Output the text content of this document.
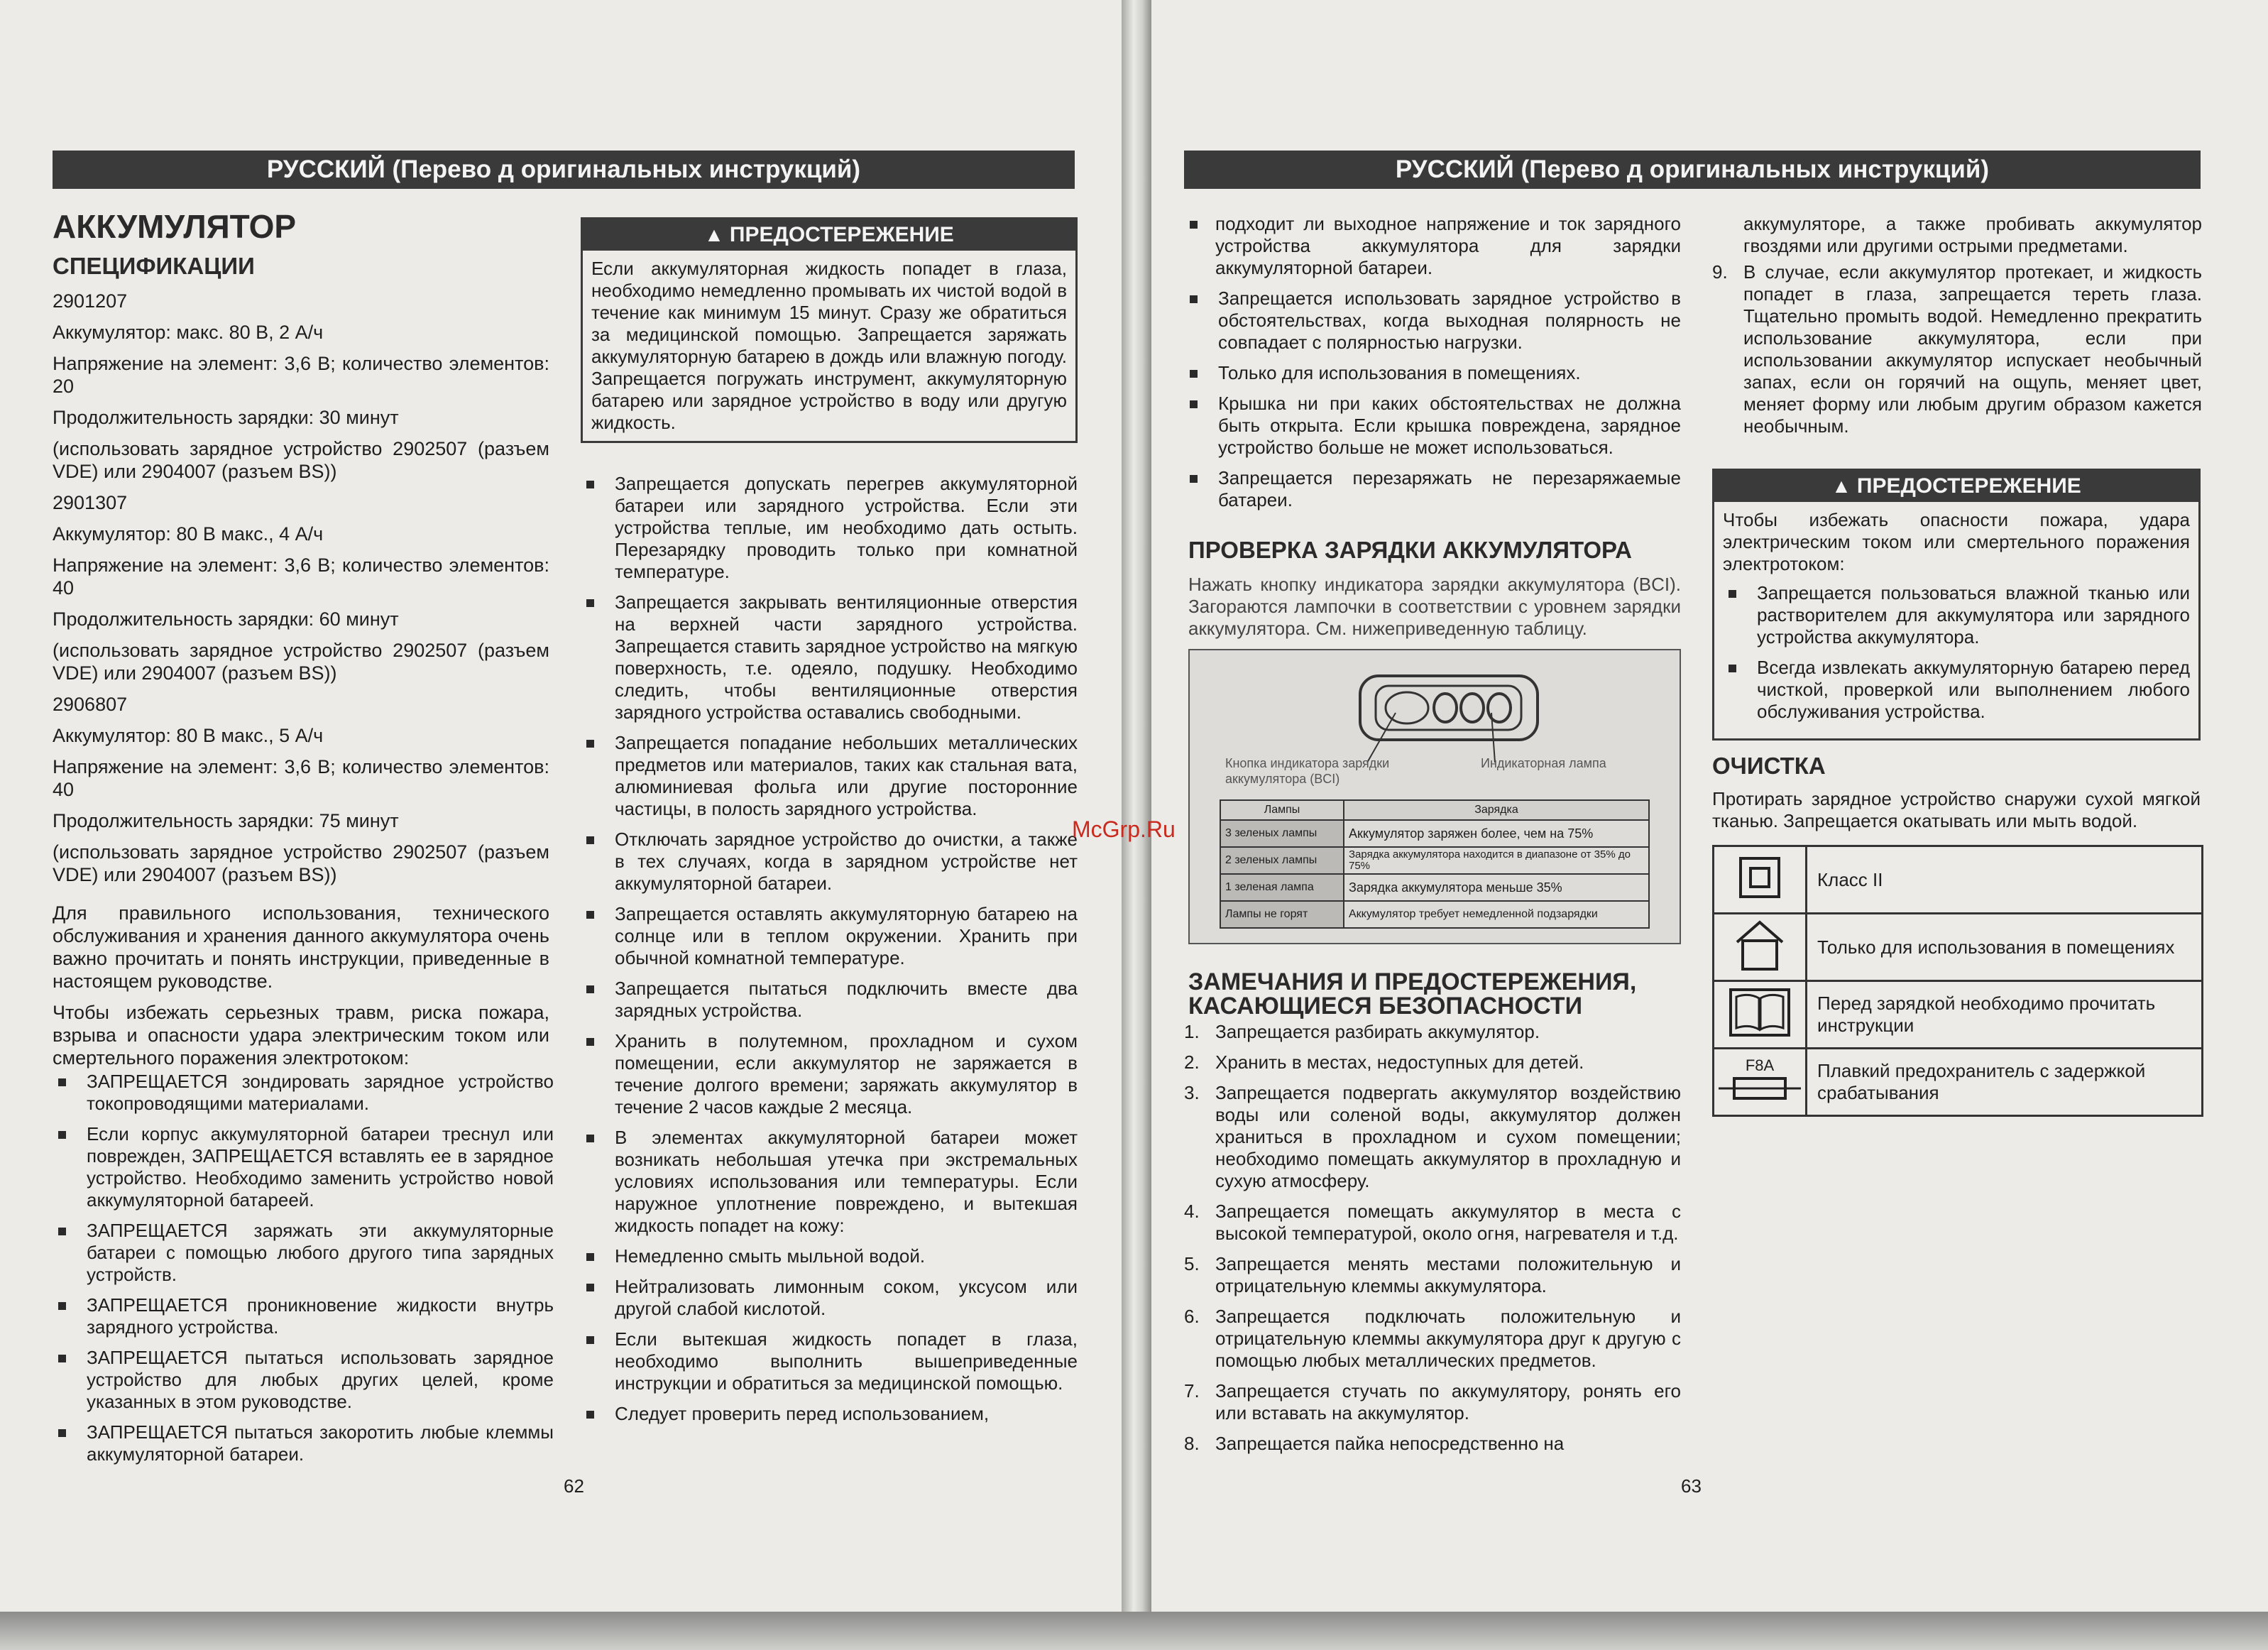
РУССКИЙ (Перево д оригинальных инструкций)
АККУМУЛЯТОР
СПЕЦИФИКАЦИИ
2901207
Аккумулятор: макс. 80 В, 2 А/ч
Напряжение на элемент: 3,6 В; количество элементов: 20
Продолжительность зарядки: 30 минут
(использовать зарядное устройство 2902507 (разъем VDE) или 2904007 (разъем BS))
2901307
Аккумулятор: 80 В макс., 4 А/ч
Напряжение на элемент: 3,6 В; количество элементов: 40
Продолжительность зарядки: 60 минут
(использовать зарядное устройство 2902507 (разъем VDE) или 2904007 (разъем BS))
2906807
Аккумулятор: 80 В макс., 5 А/ч
Напряжение на элемент: 3,6 В; количество элементов: 40
Продолжительность зарядки: 75 минут
(использовать зарядное устройство 2902507 (разъем VDE) или 2904007 (разъем BS))
Для правильного использования, технического обслуживания и хранения данного аккумулятора очень важно прочитать и понять инструкции, приведенные в настоящем руководстве.
Чтобы избежать серьезных травм, риска пожара, взрыва и опасности удара электрическим током или смертельного поражения электротоком:
ЗАПРЕЩАЕТСЯ зондировать зарядное устройство токопроводящими материалами.
Если корпус аккумуляторной батареи треснул или поврежден, ЗАПРЕЩАЕТСЯ вставлять ее в зарядное устройство. Необходимо заменить устройство новой аккумуляторной батареей.
ЗАПРЕЩАЕТСЯ заряжать эти аккумуляторные батареи с помощью любого другого типа зарядных устройств.
ЗАПРЕЩАЕТСЯ проникновение жидкости внутрь зарядного устройства.
ЗАПРЕЩАЕТСЯ пытаться использовать зарядное устройство для любых других целей, кроме указанных в этом руководстве.
ЗАПРЕЩАЕТСЯ пытаться закоротить любые клеммы аккумуляторной батареи.
▲ ПРЕДОСТЕРЕЖЕНИЕ
Если аккумуляторная жидкость попадет в глаза, необходимо немедленно промывать их чистой водой в течение как минимум 15 минут. Сразу же обратиться за медицинской помощью. Запрещается заряжать аккумуляторную батарею в дождь или влажную погоду. Запрещается погружать инструмент, аккумуляторную батарею или зарядное устройство в воду или другую жидкость.
Запрещается допускать перегрев аккумуляторной батареи или зарядного устройства. Если эти устройства теплые, им необходимо дать остыть. Перезарядку проводить только при комнатной температуре.
Запрещается закрывать вентиляционные отверстия на верхней части зарядного устройства. Запрещается ставить зарядное устройство на мягкую поверхность, т.е. одеяло, подушку. Необходимо следить, чтобы вентиляционные отверстия зарядного устройства оставались свободными.
Запрещается попадание небольших металлических предметов или материалов, таких как стальная вата, алюминиевая фольга или другие посторонние частицы, в полость зарядного устройства.
Отключать зарядное устройство до очистки, а также в тех случаях, когда в зарядном устройстве нет аккумуляторной батареи.
Запрещается оставлять аккумуляторную батарею на солнце или в теплом окружении. Хранить при обычной комнатной температуре.
Запрещается пытаться подключить вместе два зарядных устройства.
Хранить в полутемном, прохладном и сухом помещении, если аккумулятор не заряжается в течение долгого времени; заряжать аккумулятор в течение 2 часов каждые 2 месяца.
В элементах аккумуляторной батареи может возникать небольшая утечка при экстремальных условиях использования или температуры. Если наружное уплотнение повреждено, и вытекшая жидкость попадет на кожу:
Немедленно смыть мыльной водой.
Нейтрализовать лимонным соком, уксусом или другой слабой кислотой.
Если вытекшая жидкость попадет в глаза, необходимо выполнить вышеприведенные инструкции и обратиться за медицинской помощью.
Следует проверить перед использованием,
62
РУССКИЙ (Перево д оригинальных инструкций)
подходит ли выходное напряжение и ток зарядного устройства аккумулятора для зарядки аккумуляторной батареи.
Запрещается использовать зарядное устройство в обстоятельствах, когда выходная полярность не совпадает с полярностью нагрузки.
Только для использования в помещениях.
Крышка ни при каких обстоятельствах не должна быть открыта. Если крышка повреждена, зарядное устройство больше не может использоваться.
Запрещается перезаряжать не перезаряжаемые батареи.
ПРОВЕРКА ЗАРЯДКИ АККУМУЛЯТОРА
Нажать кнопку индикатора зарядки аккумулятора (BCI). Загораются лампочки в соответствии с уровнем зарядки аккумулятора. См. нижеприведенную таблицу.
Кнопка индикатора зарядки аккумулятора (BCI)
Индикаторная лампа
Лампы	Зарядка
3 зеленых лампы	Аккумулятор заряжен более, чем на 75%
2 зеленых лампы	Зарядка аккумулятора находится в диапазоне от 35% до 75%
1 зеленая лампа	Зарядка аккумулятора меньше 35%
Лампы не горят	Аккумулятор требует немедленной подзарядки
ЗАМЕЧАНИЯ И ПРЕДОСТЕРЕЖЕНИЯ, КАСАЮЩИЕСЯ БЕЗОПАСНОСТИ
1. Запрещается разбирать аккумулятор.
2. Хранить в местах, недоступных для детей.
3. Запрещается подвергать аккумулятор воздействию воды или соленой воды, аккумулятор должен храниться в прохладном и сухом помещении; необходимо помещать аккумулятор в прохладную и сухую атмосферу.
4. Запрещается помещать аккумулятор в места с высокой температурой, около огня, нагревателя и т.д.
5. Запрещается менять местами положительную и отрицательную клеммы аккумулятора.
6. Запрещается подключать положительную и отрицательную клеммы аккумулятора друг к другую с помощью любых металлических предметов.
7. Запрещается стучать по аккумулятору, ронять его или вставать на аккумулятор.
8. Запрещается пайка непосредственно на
аккумуляторе, а также пробивать аккумулятор гвоздями или другими острыми предметами.
9. В случае, если аккумулятор протекает, и жидкость попадет в глаза, запрещается тереть глаза. Тщательно промыть водой. Немедленно прекратить использование аккумулятора, если при использовании аккумулятор испускает необычный запах, если он горячий на ощупь, меняет цвет, меняет форму или любым другим образом кажется необычным.
▲ ПРЕДОСТЕРЕЖЕНИЕ
Чтобы избежать опасности пожара, удара электрическим током или смертельного поражения электротоком:
Запрещается пользоваться влажной тканью или растворителем для аккумулятора или зарядного устройства аккумулятора.
Всегда извлекать аккумуляторную батарею перед чисткой, проверкой или выполнением любого обслуживания устройства.
ОЧИСТКА
Протирать зарядное устройство снаружи сухой мягкой тканью. Запрещается окатывать или мыть водой.
	Класс II
	Только для использования в помещениях
	Перед зарядкой необходимо прочитать инструкции

F8A	Плавкий предохранитель с задержкой срабатывания
63
McGrp.Ru
